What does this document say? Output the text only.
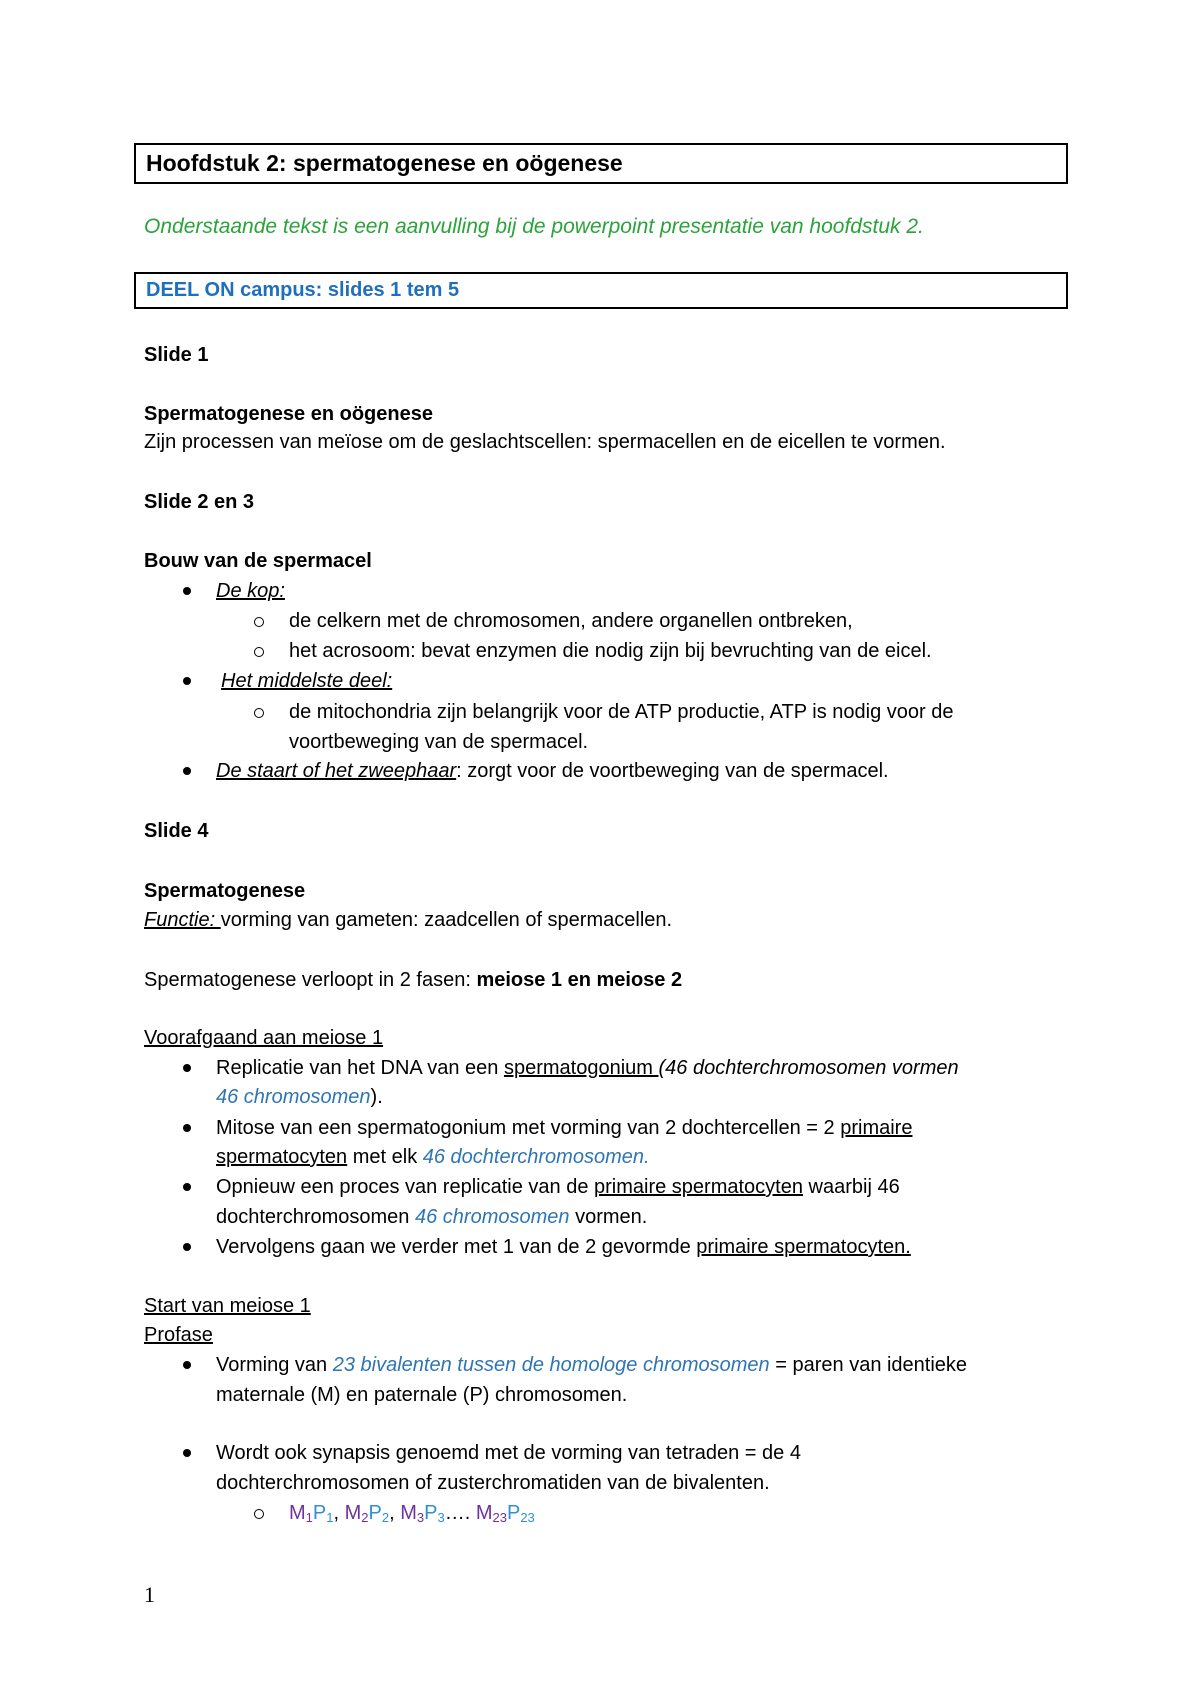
Hoofdstuk 2: spermatogenese en oögenese
Onderstaande tekst is een aanvulling bij de powerpoint presentatie van hoofdstuk 2.
DEEL ON campus: slides 1 tem 5
Slide 1
Spermatogenese en oögenese
Zijn processen van meïose om de geslachtscellen: spermacellen en de eicellen te vormen.
Slide 2 en 3
Bouw van de spermacel
De kop:
de celkern met de chromosomen, andere organellen ontbreken,
het acrosoom: bevat enzymen die nodig zijn bij bevruchting van de eicel.
Het middelste deel:
de mitochondria zijn belangrijk voor de ATP productie, ATP is nodig voor de
voortbeweging van de spermacel.
De staart of het zweephaar: zorgt voor de voortbeweging van de spermacel.
Slide 4
Spermatogenese
Functie: vorming van gameten: zaadcellen of spermacellen.
Spermatogenese verloopt in 2 fasen: meiose 1 en meiose 2
Voorafgaand aan meiose 1
Replicatie van het DNA van een spermatogonium (46 dochterchromosomen vormen
46 chromosomen).
Mitose van een spermatogonium met vorming van 2 dochtercellen = 2 primaire
spermatocyten met elk 46 dochterchromosomen.
Opnieuw een proces van replicatie van de primaire spermatocyten waarbij 46
dochterchromosomen 46 chromosomen vormen.
Vervolgens gaan we verder met 1 van de 2 gevormde primaire spermatocyten.
Start van meiose 1
Profase
Vorming van 23 bivalenten tussen de homologe chromosomen = paren van identieke
maternale (M) en paternale (P) chromosomen.
Wordt ook synapsis genoemd met de vorming van tetraden = de 4
dochterchromosomen of zusterchromatiden van de bivalenten.
$M_1P_1$, $M_2P_2$, $M_3P_3\dots$. $M_{23}P_{23}$
1
